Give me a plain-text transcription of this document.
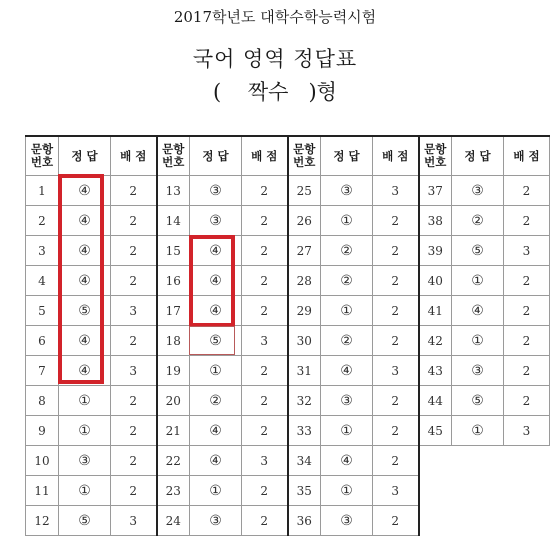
2017학년도 대학수학능력시험
국어 영역 정답표
(    짝수   )형
문항
번호	정 답	배 점	문항
번호	정 답	배 점	문항
번호	정 답	배 점	문항
번호	정 답	배 점
1	④	2	13	③	2	25	③	3	37	③	2
2	④	2	14	③	2	26	①	2	38	②	2
3	④	2	15	④	2	27	②	2	39	⑤	3
4	④	2	16	④	2	28	②	2	40	①	2
5	⑤	3	17	④	2	29	①	2	41	④	2
6	④	2	18	⑤	3	30	②	2	42	①	2
7	④	3	19	①	2	31	④	3	43	③	2
8	①	2	20	②	2	32	③	2	44	⑤	2
9	①	2	21	④	2	33	①	2	45	①	3
10	③	2	22	④	3	34	④	2			
11	①	2	23	①	2	35	①	3			
12	⑤	3	24	③	2	36	③	2			
